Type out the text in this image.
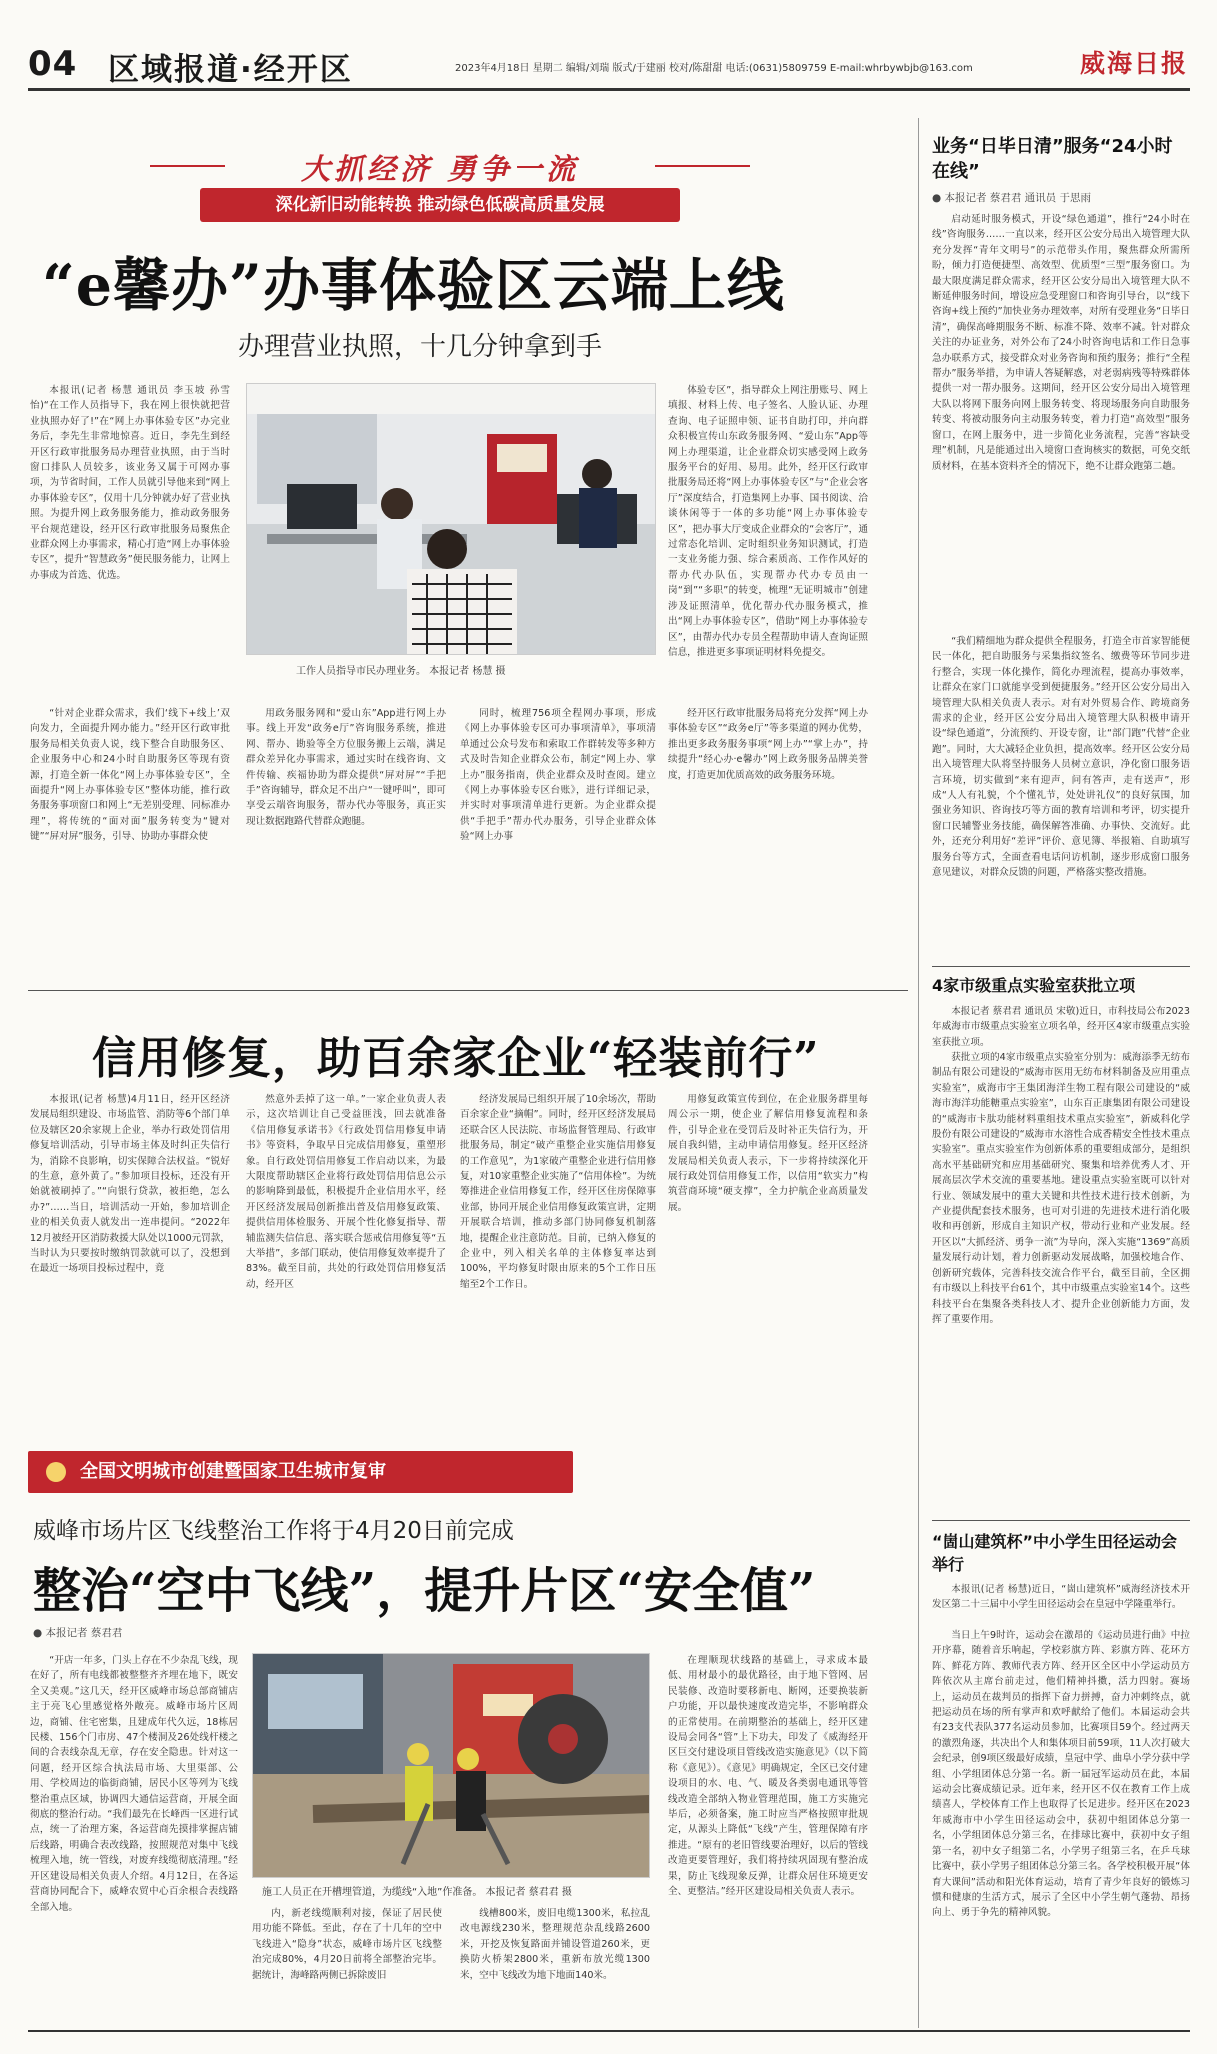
04 区域报道·经开区	2023年4月18日 星期二 编辑/刘瑞 版式/于建丽 校对/陈甜甜 电话:(0631)5809759 E-mail:whrbywbjb@163.com	威海日报
大抓经济 勇争一流
深化新旧动能转换 推动绿色低碳高质量发展
“e馨办”办事体验区云端上线
办理营业执照，十几分钟拿到手

本报讯(记者 杨慧 通讯员 李玉坡 孙雪怡)“在工作人员指导下，我在网上很快就把营业执照办好了!”在“网上办事体验专区”办完业务后，李先生非常地惊喜。近日，李先生到经开区行政审批服务局办理营业执照，由于当时窗口排队人员较多，该业务又属于可网办事项，为节省时间，工作人员就引导他来到“网上办事体验专区”，仅用十几分钟就办好了营业执照。为提升网上政务服务能力，推动政务服务平台规范建设，经开区行政审批服务局聚焦企业群众网上办事需求，精心打造“网上办事体验专区”，提升“智慧政务”便民服务能力，让网上办事成为首选、优选。

“针对企业群众需求，我们‘线下+线上’双向发力，全面提升网办能力。”经开区行政审批服务局相关负责人说，线下整合自助服务区、企业服务中心和24小时自助服务区等现有资源，打造全新一体化“网上办事体验专区”，全面提升“网上办事体验专区”整体功能，推行政务服务事项窗口和网上“无差别受理、同标准办理”，将传统的“面对面”服务转变为“键对键”“屏对屏”服务，引导、协助办事群众使

工作人员指导市民办理业务。 本报记者 杨慧 摄

用政务服务网和“爱山东”App进行网上办事。线上开发“政务e厅”咨询服务系统，推进网、帮办、勘验等全方位服务搬上云端，满足群众差异化办事需求，通过实时在线咨询、文件传输、疾福协助为群众提供“屏对屏”“手把手”咨询辅导，群众足不出户“一键呼叫”，即可享受云端咨询服务，帮办代办等服务，真正实现让数据跑路代替群众跑腿。

同时，梳理756项全程网办事项，形成《网上办事体验专区可办事项清单》，事项清单通过公众号发布和索取工作群转发等多种方式及时告知企业群众公布，制定“网上办、掌上办”服务指南，供企业群众及时查阅。建立《网上办事体验专区台账》，进行详细记录，并实时对事项清单进行更新。为企业群众提供“手把手”帮办代办服务，引导企业群众体验“网上办事

体验专区”，指导群众上网注册账号、网上填报、材料上传、电子签名、人脸认证、办理查询、电子证照申领、证书自助打印，并向群众积极宣传山东政务服务网、“爱山东”App等网上办理渠道，让企业群众切实感受网上政务服务平台的好用、易用。此外，经开区行政审批服务局还将“网上办事体验专区”与“企业会客厅”深度结合，打造集网上办事、国书阅读、洽谈休闲等于一体的多功能“网上办事体验专区”，把办事大厅变成企业群众的“会客厅”，通过常态化培训、定时组织业务知识测试，打造一支业务能力强、综合素质高、工作作风好的帮办代办队伍，实现帮办代办专员由一岗“到”“多职”的转变，梳理“无证明城市”创建涉及证照清单，优化帮办代办服务模式，推出“网上办事体验专区”，借助“网上办事体验专区”，由帮办代办专员全程帮助申请人查询证照信息，推进更多事项证明材料免提交。

经开区行政审批服务局将充分发挥“网上办事体验专区”“政务e厅”等多渠道的网办优势，推出更多政务服务事项“网上办”“掌上办”，持续提升“经心办·e馨办”网上政务服务品牌美誉度，打造更加优质高效的政务服务环境。

信用修复，助百余家企业“轻装前行”

本报讯(记者 杨慧)4月11日，经开区经济发展局组织建设、市场监管、消防等6个部门单位及辖区20余家规上企业，举办行政处罚信用修复培训活动，引导市场主体及时纠正失信行为，消除不良影响，切实保障合法权益。“锐好的生意，意外黄了。”参加项目投标，还没有开始就被刷掉了。”“向银行贷款，被拒绝，怎么办?”……当日，培训活动一开始，参加培训企业的相关负责人就发出一连串提问。“2022年12月被经开区消防救援大队处以1000元罚款，当时认为只要按时缴纳罚款就可以了，没想到在最近一场项目投标过程中，竟

然意外丢掉了这一单。”一家企业负责人表示，这次培训让自己受益匪浅，回去就准备《信用修复承诺书》《行政处罚信用修复申请书》等资料，争取早日完成信用修复，重塑形象。自行政处罚信用修复工作启动以来，为最大限度帮助辖区企业将行政处罚信用信息公示的影响降到最低，积极提升企业信用水平，经开区经济发展局创新推出普及信用修复政策、提供信用体检服务、开展个性化修复指导、帮辅监测失信信息、落实联合惩戒信用修复等“五大举措”，多部门联动，使信用修复效率提升了83%。截至目前，共处的行政处罚信用修复活动，经开区

经济发展局已组织开展了10余场次，帮助百余家企业“摘帽”。同时，经开区经济发展局还联合区人民法院、市场监督管理局、行政审批服务局，制定“破产重整企业实施信用修复的工作意见”，为1家破产重整企业进行信用修复，对10家重整企业实施了“信用体检”。为统筹推进企业信用修复工作，经开区住房保障事业部，协同开展企业信用修复政策宣讲，定期开展联合培训，推动多部门协同修复机制落地，提醒企业注意防范。目前，已纳入修复的企业中，列入相关名单的主体修复率达到100%，平均修复时限由原来的5个工作日压缩至2个工作日。

用修复政策宣传到位，在企业服务群里每周公示一期，使企业了解信用修复流程和条件，引导企业在受罚后及时补正失信行为，开展自我纠错，主动申请信用修复。经开区经济发展局相关负责人表示，下一步将持续深化开展行政处罚信用修复工作，以信用“软实力”构筑营商环境“硬支撑”，全力护航企业高质量发展。

全国文明城市创建暨国家卫生城市复审
威峰市场片区飞线整治工作将于4月20日前完成
整治“空中飞线”，提升片区“安全值”
● 本报记者 蔡君君

“开店一年多，门头上存在不少杂乱飞线，现在好了，所有电线都被整整齐齐埋在地下，既安全又美观。”这几天，经开区威峰市场总部商铺店主于亮飞心里感觉格外敞亮。威峰市场片区周边，商铺、住宅密集，且建成年代久远，18栋居民楼、156个门市房、47个楼洞及26处线杆楼之间的合表线杂乱无章，存在安全隐患。针对这一问题，经开区综合执法局市场、大里渠部、公用、学校周边的临街商铺，居民小区等列为飞线整治重点区域，协调四大通信运营商，开展全面彻底的整治行动。“我们最先在长峰西一区进行试点，统一了治理方案，各运营商先摸排掌握店铺后线路，明确合表改线路，按照规范对集中飞线梳理入地，统一管线，对废弃线缆彻底清理。”经开区建设局相关负责人介绍。4月12日，在各运营商协同配合下，威峰农贸中心百余根合表线路全部入地。

施工人员正在开槽埋管道，为缆线“入地”作准备。 本报记者 蔡君君 摄

内，新老线缆顺利对接，保证了居民使用功能不降低。至此，存在了十几年的空中飞线进入“隐身”状态，威峰市场片区飞线整治完成80%，4月20日前将全部整治完毕。据统计，海峰路两侧已拆除废旧

线槽800米，废旧电缆1300米，私拉乱改电源线230米，整理规范杂乱线路2600米，开挖及恢复路面并铺设管道260米，更换防火桥架2800米，重新布放光缆1300米，空中飞线改为地下地面140米。

在理顺现状线路的基础上，寻求成本最低、用材最小的最优路径，由于地下管网、居民装修、改造时要移新电、断网，还要换装新户功能，开以最快速度改造完毕，不影响群众的正常使用。在前期整治的基础上，经开区建设局会同各“管”上下功夫，印发了《威海经开区巨交付建设项目管线改造实施意见》（以下简称《意见》）。《意见》明确规定，全区已交付建设项目的水、电、气、暖及各类弱电通讯等管线改造全部纳入物业管理范围，施工方实施完毕后，必须备案，施工时应当严格按照审批规定，从源头上降低“飞线”产生，管理保障有序推进。“原有的老旧管线要治理好，以后的管线改造更要管理好，我们将持续巩固现有整治成果，防止飞线现象反弹，让群众居住环境更安全、更整洁。”经开区建设局相关负责人表示。

业务“日毕日清”服务“24小时在线”
● 本报记者 蔡君君 通讯员 于思雨

启动延时服务模式，开设“绿色通道”，推行“24小时在线”咨询服务……一直以来，经开区公安分局出入境管理大队充分发挥“青年文明号”的示范带头作用，聚焦群众所需所盼，倾力打造便捷型、高效型、优质型“三型”服务窗口。为最大限度满足群众需求，经开区公安分局出入境管理大队不断延伸服务时间，增设应急受理窗口和咨询引导台，以“线下咨询+线上预约”加快业务办理效率，对所有受理业务“日毕日清”，确保高峰期服务不断、标准不降、效率不减。针对群众关注的办证业务，对外公布了24小时咨询电话和工作日急事急办联系方式，接受群众对业务咨询和预约服务；推行“全程帮办”服务举措，为申请人答疑解惑，对老弱病残等特殊群体提供一对一帮办服务。这期间，经开区公安分局出入境管理大队以将网下服务向网上服务转变、将现场服务向自助服务转变、将被动服务向主动服务转变，着力打造“高效型”服务窗口，在网上服务中，进一步简化业务流程，完善“容缺受理”机制，凡是能通过出入境窗口查询核实的数据，可免交纸质材料，在基本资料齐全的情况下，绝不让群众跑第二趟。

“我们精细地为群众提供全程服务，打造全市首家智能便民一体化，把自助服务与采集指纹签名、缴费等环节同步进行整合，实现一体化操作，简化办理流程，提高办事效率，让群众在家门口就能享受到便捷服务。”经开区公安分局出入境管理大队相关负责人表示。对有对外贸易合作、跨境商务需求的企业，经开区公安分局出入境管理大队积极申请开设“绿色通道”，分流预约、开设专窗，让“部门跑”代替“企业跑”。同时，大大减轻企业负担，提高效率。经开区公安分局出入境管理大队将坚持服务人员树立意识，净化窗口服务语言环境，切实做到“来有迎声，问有答声，走有送声”，形成“人人有礼貌，个个懂礼节，处处讲礼仪”的良好氛围，加强业务知识、咨询技巧等方面的教育培训和考评，切实提升窗口民辅警业务技能，确保解答准确、办事快、交流好。此外，还充分利用好“差评”评价、意见簿、举报箱、自助填写服务台等方式，全面查看电话问访机制，逐步形成窗口服务意见建议，对群众反馈的问题，严格落实整改措施。

4家市级重点实验室获批立项

本报记者 蔡君君 通讯员 宋敬)近日，市科技局公布2023年威海市市级重点实验室立项名单，经开区4家市级重点实验室获批立项。

获批立项的4家市级重点实验室分别为：威海添季无纺布制品有限公司建设的“威海市医用无纺布材料制备及应用重点实验室”，威海市宇王集团海洋生物工程有限公司建设的“威海市海洋功能糖重点实验室”，山东百正康集团有限公司建设的“威海市卡肽功能材料重组技术重点实验室”，新威科化学股份有限公司建设的“威海市水溶性合成香精安全性技术重点实验室”。重点实验室作为创新体系的重要组成部分，是组织高水平基础研究和应用基础研究、聚集和培养优秀人才、开展高层次学术交流的重要基地。建设重点实验室既可以针对行业、领域发展中的重大关键和共性技术进行技术创新，为产业提供配套技术服务，也可对引进的先进技术进行消化吸收和再创新，形成自主知识产权，带动行业和产业发展。经开区以“大抓经济、勇争一流”为导向，深入实施“1369”高质量发展行动计划，着力创新驱动发展战略，加强校地合作、创新研究载体，完善科技交流合作平台，截至目前，全区拥有市级以上科技平台61个，其中市级重点实验室14个。这些科技平台在集聚各类科技人才、提升企业创新能力方面，发挥了重要作用。

“崮山建筑杯”中小学生田径运动会举行

本报讯(记者 杨慧)近日，“崮山建筑杯”威海经济技术开发区第二十三届中小学生田径运动会在皇冠中学隆重举行。

当日上午9时许，运动会在激昂的《运动员进行曲》中拉开序幕，随着音乐响起，学校彩旗方阵、彩旗方阵、花环方阵、鲜花方阵、教师代表方阵、经开区全区中小学运动员方阵依次从主席台前走过，他们精神抖擞，活力四射。赛场上，运动员在裁判员的指挥下奋力拼搏，奋力冲刺终点，就把运动员在场的所有掌声和欢呼献给了他们。本届运动会共有23支代表队377名运动员参加，比赛项目59个。经过两天的激烈角逐，共决出个人和集体项目前59项，11人次打破大会纪录，创9项区级最好成绩，皇冠中学、曲阜小学分获中学组、小学组团体总分第一名。新一届冠军运动员在此，本届运动会比赛成绩记录。近年来，经开区不仅在教育工作上成绩喜人，学校体育工作上也取得了长足进步。经开区在2023年威海市中小学生田径运动会中，获初中组团体总分第一名，小学组团体总分第三名，在排球比赛中，获初中女子组第一名，初中女子组第二名，小学男子组第三名，在乒乓球比赛中，获小学男子组团体总分第三名。各学校积极开展“体育大课间”活动和阳光体育运动，培育了青少年良好的锻炼习惯和健康的生活方式，展示了全区中小学生朝气蓬勃、昂扬向上、勇于争先的精神风貌。
